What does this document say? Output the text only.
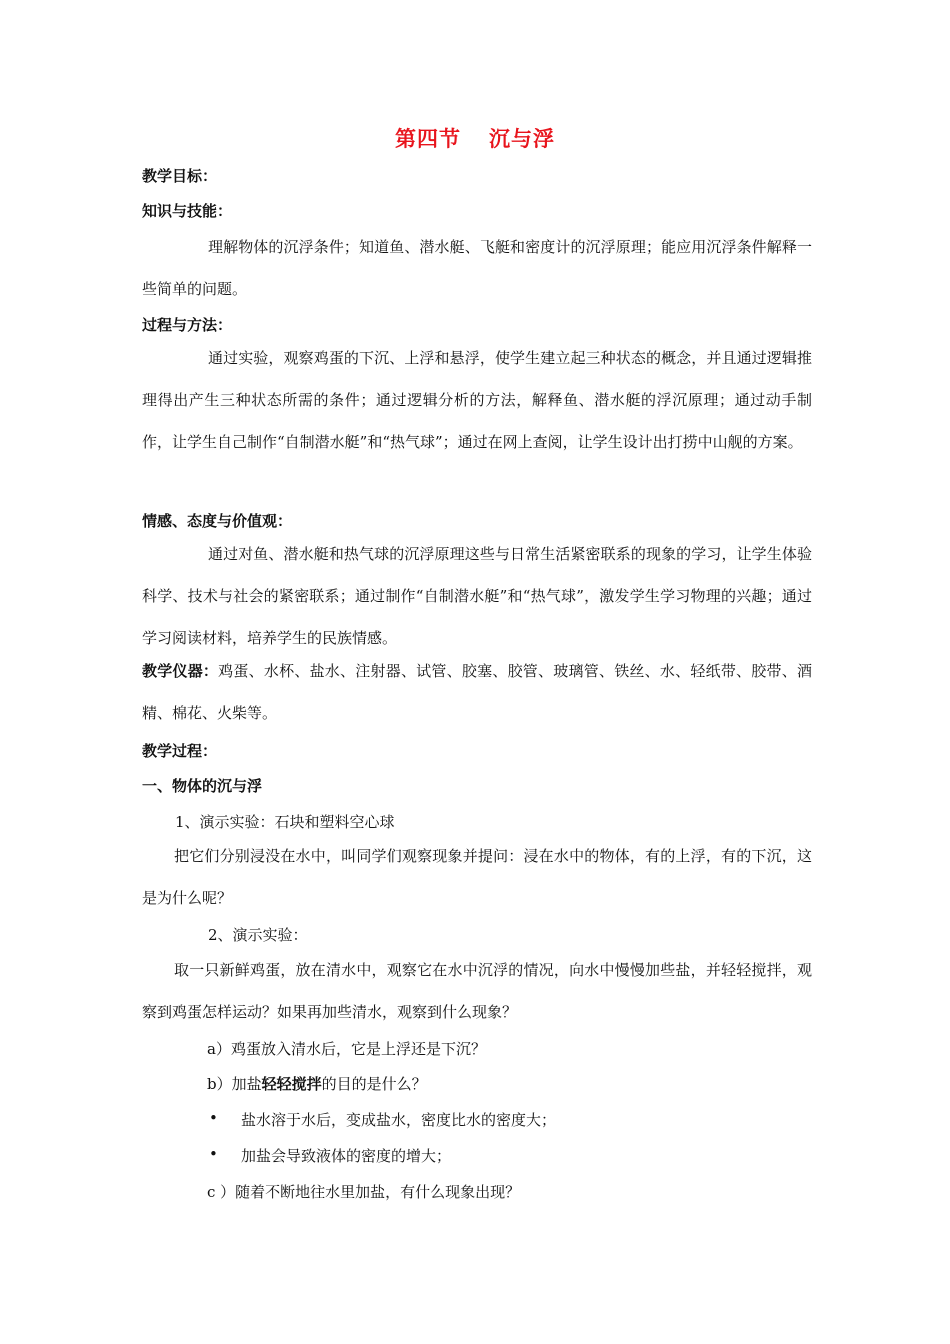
第四节 沉与浮
教学目标：
知识与技能：
理解物体的沉浮条件；知道鱼、潜水艇、飞艇和密度计的沉浮原理；能应用沉浮条件解释一些简单的问题。
过程与方法：
通过实验，观察鸡蛋的下沉、上浮和悬浮，使学生建立起三种状态的概念，并且通过逻辑推理得出产生三种状态所需的条件；通过逻辑分析的方法，解释鱼、潜水艇的浮沉原理；通过动手制作，让学生自己制作“自制潜水艇”和“热气球”；通过在网上查阅，让学生设计出打捞中山舰的方案。
情感、态度与价值观：
通过对鱼、潜水艇和热气球的沉浮原理这些与日常生活紧密联系的现象的学习，让学生体验科学、技术与社会的紧密联系；通过制作“自制潜水艇”和“热气球”，激发学生学习物理的兴趣；通过学习阅读材料，培养学生的民族情感。
教学仪器：鸡蛋、水杯、盐水、注射器、试管、胶塞、胶管、玻璃管、铁丝、水、轻纸带、胶带、酒精、棉花、火柴等。
教学过程：
一、物体的沉与浮
1、演示实验：石块和塑料空心球
把它们分别浸没在水中，叫同学们观察现象并提问：浸在水中的物体，有的上浮，有的下沉，这是为什么呢？
2、演示实验：
取一只新鲜鸡蛋，放在清水中，观察它在水中沉浮的情况，向水中慢慢加些盐，并轻轻搅拌，观察到鸡蛋怎样运动？如果再加些清水，观察到什么现象？
a）鸡蛋放入清水后，它是上浮还是下沉？
b）加盐轻轻搅拌的目的是什么？
• 盐水溶于水后，变成盐水，密度比水的密度大；
• 加盐会导致液体的密度的增大；
c ）随着不断地往水里加盐，有什么现象出现？
